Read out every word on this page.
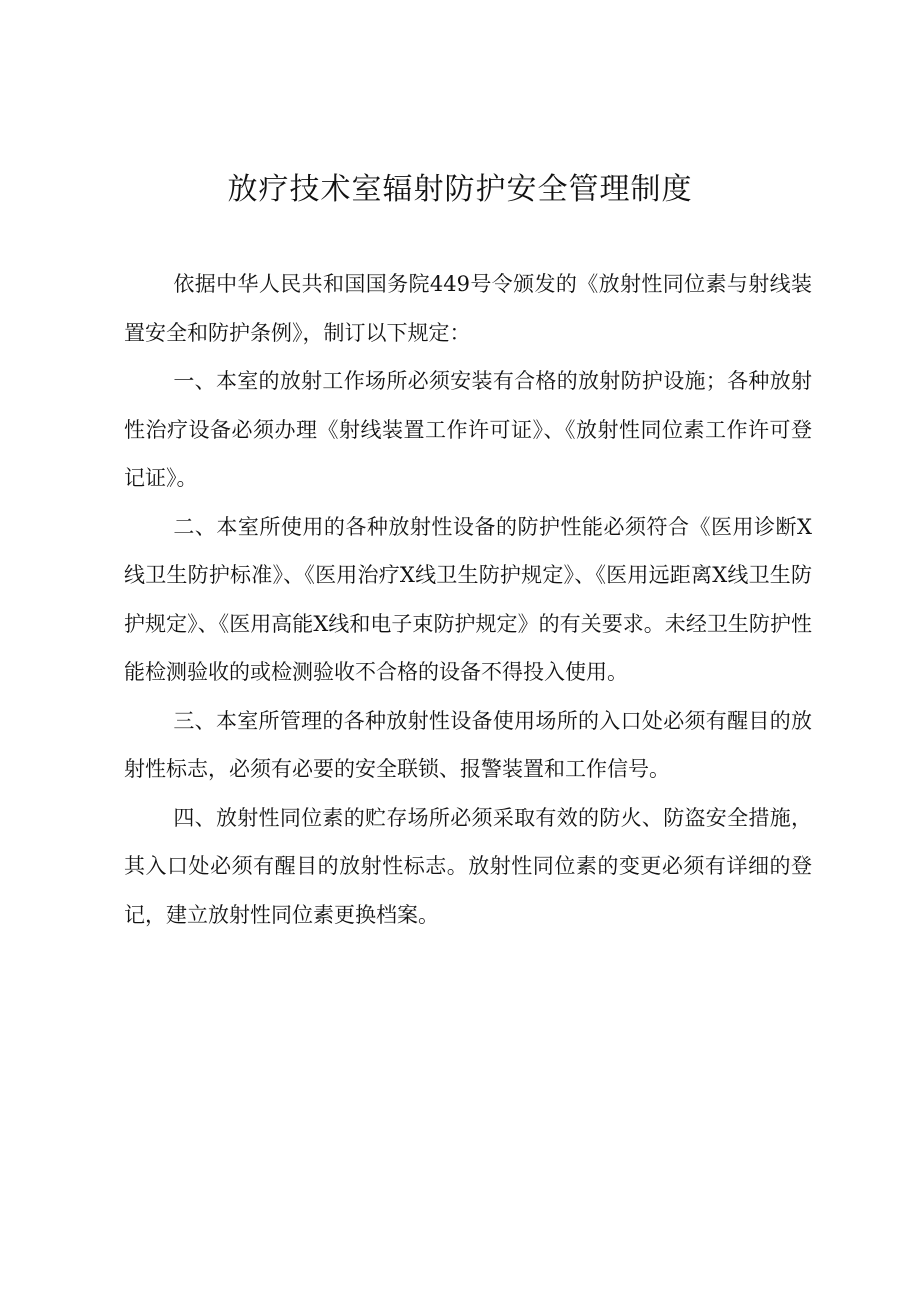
放疗技术室辐射防护安全管理制度

依据中华人民共和国国务院449号令颁发的《放射性同位素与射线装置安全和防护条例》，制订以下规定：

一、本室的放射工作场所必须安装有合格的放射防护设施；各种放射性治疗设备必须办理《射线装置工作许可证》、《放射性同位素工作许可登记证》。

二、本室所使用的各种放射性设备的防护性能必须符合《医用诊断X线卫生防护标准》、《医用治疗X线卫生防护规定》、《医用远距离X线卫生防护规定》、《医用高能X线和电子束防护规定》的有关要求。未经卫生防护性能检测验收的或检测验收不合格的设备不得投入使用。

三、本室所管理的各种放射性设备使用场所的入口处必须有醒目的放射性标志，必须有必要的安全联锁、报警装置和工作信号。

四、放射性同位素的贮存场所必须采取有效的防火、防盗安全措施，其入口处必须有醒目的放射性标志。放射性同位素的变更必须有详细的登记，建立放射性同位素更换档案。
